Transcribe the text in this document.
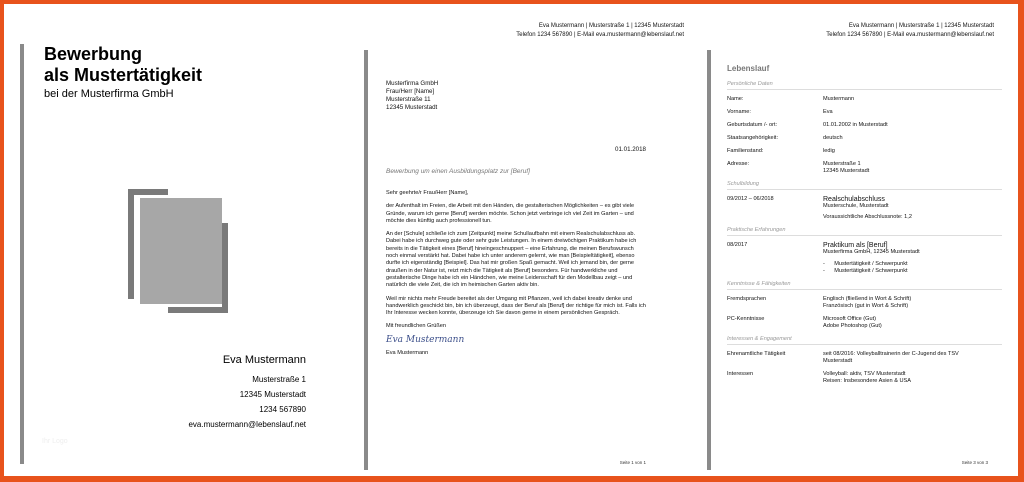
Bewerbung
als Mustertätigkeit
bei der Musterfirma GmbH
Eva Mustermann
Musterstraße 1
12345 Musterstadt
1234 567890
eva.mustermann@lebenslauf.net
Ihr Logo
Eva Mustermann | Musterstraße 1 | 12345 Musterstadt
Telefon 1234 567890 | E-Mail eva.mustermann@lebenslauf.net
Musterfirma GmbH
Frau/Herr [Name]
Musterstraße 11
12345 Musterstadt
01.01.2018
Bewerbung um einen Ausbildungsplatz zur [Beruf]

Sehr geehrte/r Frau/Herr [Name],

der Aufenthalt im Freien, die Arbeit mit den Händen, die gestalterischen Möglichkeiten – es gibt viele Gründe, warum ich gerne [Beruf] werden möchte. Schon jetzt verbringe ich viel Zeit im Garten – und möchte dies künftig auch professionell tun.

An der [Schule] schließe ich zum [Zeitpunkt] meine Schullaufbahn mit einem Realschulabschluss ab. Dabei habe ich durchweg gute oder sehr gute Leistungen. In einem dreiwöchigen Praktikum habe ich bereits in die Tätigkeit eines [Beruf] hineingeschnuppert – eine Erfahrung, die meinen Berufswunsch noch einmal verstärkt hat. Dabei habe ich unter anderem gelernt, wie man [Beispieltätigkeit], ebenso durfte ich eigenständig [Beispiel]. Das hat mir großen Spaß gemacht. Weil ich jemand bin, der gerne draußen in der Natur ist, reizt mich die Tätigkeit als [Beruf] besonders. Für handwerkliche und gestalterische Dinge habe ich ein Händchen, wie meine Leidenschaft für den Modellbau zeigt – und natürlich die viele Zeit, die ich im heimischen Garten aktiv bin.

Weil mir nichts mehr Freude bereitet als der Umgang mit Pflanzen, weil ich dabei kreativ denke und handwerklich geschickt bin, bin ich überzeugt, dass der Beruf als [Beruf] der richtige für mich ist. Falls ich Ihr Interesse wecken konnte, überzeuge ich Sie davon gerne in einem persönlichen Gespräch.

Mit freundlichen Grüßen

Eva Mustermann
Eva Mustermann
Seite 1 von 1
Eva Mustermann | Musterstraße 1 | 12345 Musterstadt
Telefon 1234 567890 | E-Mail eva.mustermann@lebenslauf.net
Lebenslauf
Persönliche Daten
Name:	Mustermann
Vorname:	Eva
Geburtsdatum /- ort:	01.01.2002 in Musterstadt
Staatsangehörigkeit:	deutsch
Familienstand:	ledig
Adresse:	Musterstraße 1
12345 Musterstadt
Schulbildung
09/2012 – 06/2018	Realschulabschluss
Musterschule, Musterstadt
Voraussichtliche Abschlussnote: 1,2
Praktische Erfahrungen
08/2017	Praktikum als [Beruf]
Musterfirma GmbH, 12345 Musterstadt
-      Mustertätigkeit / Schwerpunkt
-      Mustertätigkeit / Schwerpunkt
Kenntnisse & Fähigkeiten
Fremdsprachen	Englisch (fließend in Wort & Schrift)
Französisch (gut in Wort & Schrift)
PC-Kenntnisse	Microsoft Office (Gut)
Adobe Photoshop (Gut)
Interessen & Engagement
Ehrenamtliche Tätigkeit	seit 08/2016: Volleyballtrainerin der C-Jugend des TSV
Musterstadt
Interessen	Volleyball: aktiv, TSV Musterstadt
Reisen: Insbesondere Asien & USA
Seite 3 von 3
